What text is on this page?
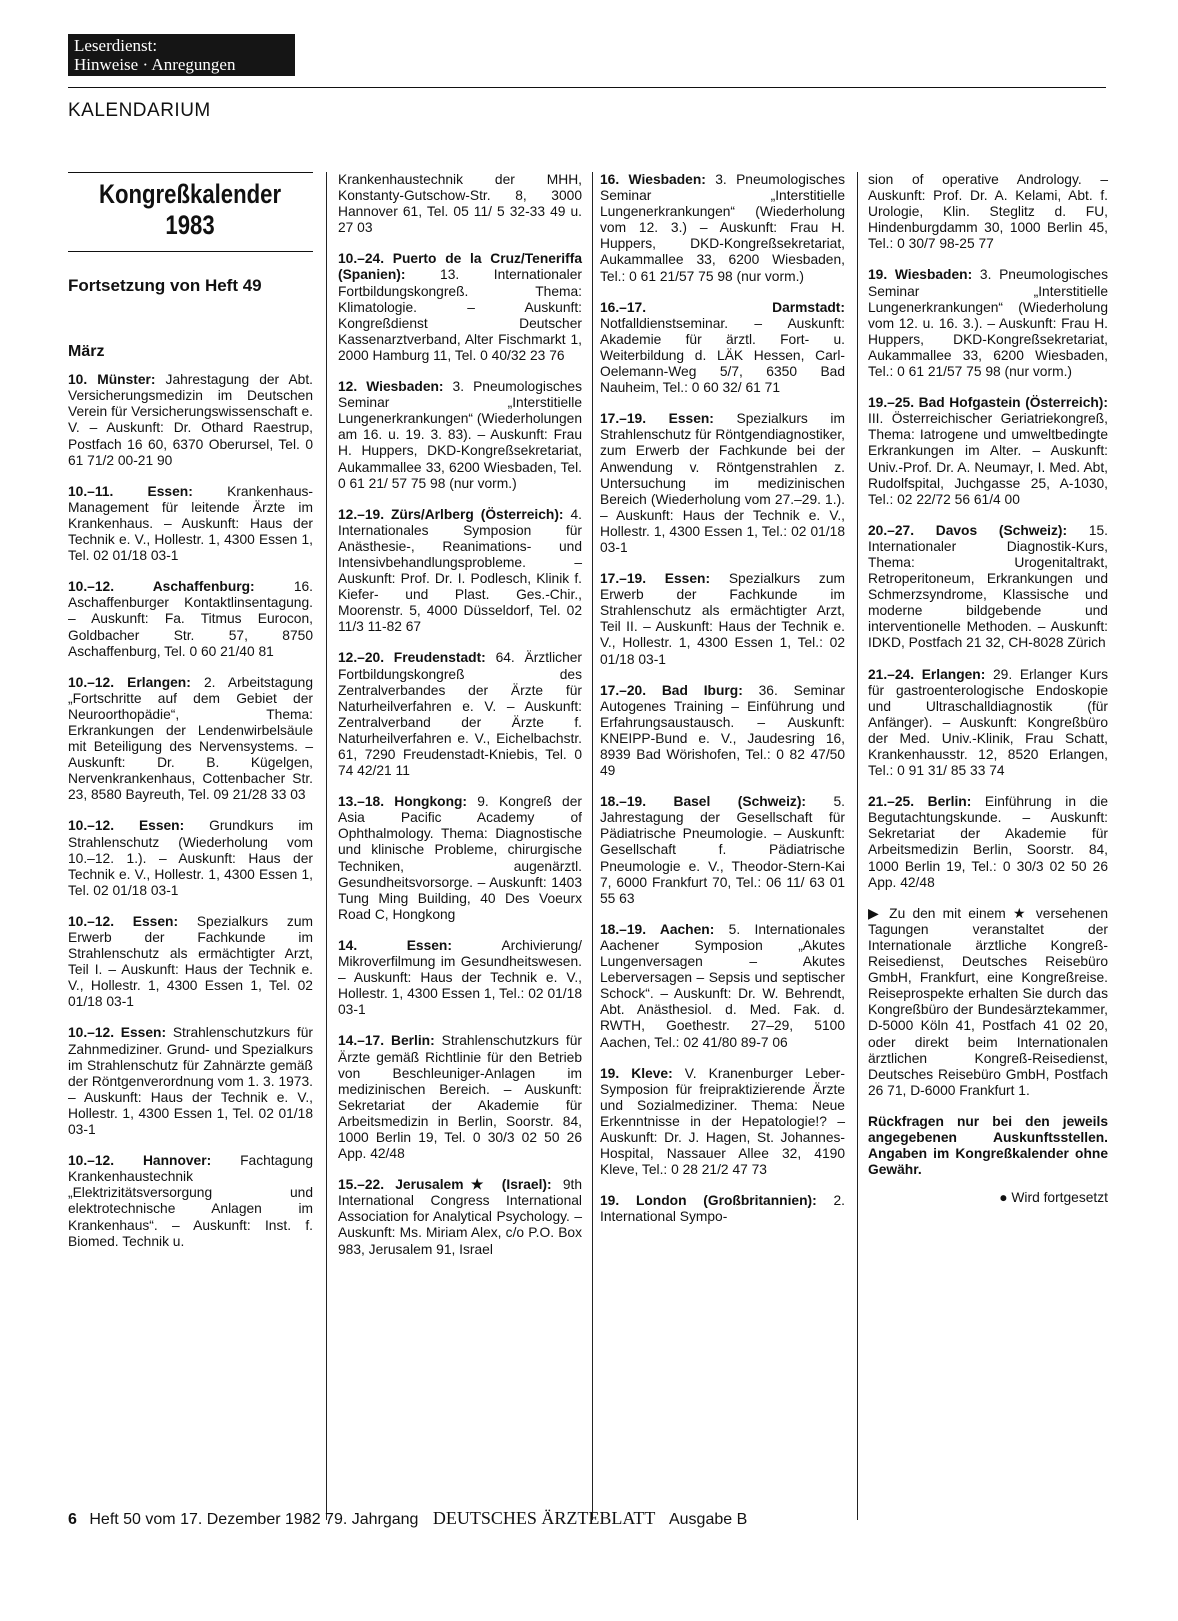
Leserdienst:
Hinweise · Anregungen
KALENDARIUM
Kongreßkalender
1983
Fortsetzung von Heft 49
März
10. Münster: Jahrestagung der Abt. Versicherungsmedizin im Deutschen Verein für Versicherungswissenschaft e. V. – Auskunft: Dr. Othard Raestrup, Postfach 16 60, 6370 Oberursel, Tel. 0 61 71/2 00-21 90
10.–11. Essen: Krankenhaus-Management für leitende Ärzte im Krankenhaus. – Auskunft: Haus der Technik e. V., Hollestr. 1, 4300 Essen 1, Tel. 02 01/18 03-1
10.–12. Aschaffenburg: 16. Aschaffenburger Kontaktlinsentagung. – Auskunft: Fa. Titmus Eurocon, Goldbacher Str. 57, 8750 Aschaffenburg, Tel. 0 60 21/40 81
10.–12. Erlangen: 2. Arbeitstagung „Fortschritte auf dem Gebiet der Neuroorthopädie“, Thema: Erkrankungen der Lendenwirbelsäule mit Beteiligung des Nervensystems. – Auskunft: Dr. B. Kügelgen, Nervenkrankenhaus, Cottenbacher Str. 23, 8580 Bayreuth, Tel. 09 21/28 33 03
10.–12. Essen: Grundkurs im Strahlenschutz (Wiederholung vom 10.–12. 1.). – Auskunft: Haus der Technik e. V., Hollestr. 1, 4300 Essen 1, Tel. 02 01/18 03-1
10.–12. Essen: Spezialkurs zum Erwerb der Fachkunde im Strahlenschutz als ermächtigter Arzt, Teil I. – Auskunft: Haus der Technik e. V., Hollestr. 1, 4300 Essen 1, Tel. 02 01/18 03-1
10.–12. Essen: Strahlenschutzkurs für Zahnmediziner. Grund- und Spezialkurs im Strahlenschutz für Zahnärzte gemäß der Röntgenverordnung vom 1. 3. 1973. – Auskunft: Haus der Technik e. V., Hollestr. 1, 4300 Essen 1, Tel. 02 01/18 03-1
10.–12. Hannover: Fachtagung Krankenhaustechnik „Elektrizitätsversorgung und elektrotechnische Anlagen im Krankenhaus“. – Auskunft: Inst. f. Biomed. Technik u.
Krankenhaustechnik der MHH, Konstanty-Gutschow-Str. 8, 3000 Hannover 61, Tel. 05 11/ 5 32-33 49 u. 27 03
10.–24. Puerto de la Cruz/Teneriffa (Spanien): 13. Internationaler Fortbildungskongreß. Thema: Klimatologie. – Auskunft: Kongreßdienst Deutscher Kassenarztverband, Alter Fischmarkt 1, 2000 Hamburg 11, Tel. 0 40/32 23 76
12. Wiesbaden: 3. Pneumologisches Seminar „Interstitielle Lungenerkrankungen“ (Wiederholungen am 16. u. 19. 3. 83). – Auskunft: Frau H. Huppers, DKD-Kongreßsekretariat, Aukammallee 33, 6200 Wiesbaden, Tel. 0 61 21/ 57 75 98 (nur vorm.)
12.–19. Zürs/Arlberg (Österreich): 4. Internationales Symposion für Anästhesie-, Reanimations- und Intensivbehandlungsprobleme. – Auskunft: Prof. Dr. I. Podlesch, Klinik f. Kiefer- und Plast. Ges.-Chir., Moorenstr. 5, 4000 Düsseldorf, Tel. 02 11/3 11-82 67
12.–20. Freudenstadt: 64. Ärztlicher Fortbildungskongreß des Zentralverbandes der Ärzte für Naturheilverfahren e. V. – Auskunft: Zentralverband der Ärzte f. Naturheilverfahren e. V., Eichelbachstr. 61, 7290 Freudenstadt-Kniebis, Tel. 0 74 42/21 11
13.–18. Hongkong: 9. Kongreß der Asia Pacific Academy of Ophthalmology. Thema: Diagnostische und klinische Probleme, chirurgische Techniken, augenärztl. Gesundheitsvorsorge. – Auskunft: 1403 Tung Ming Building, 40 Des Voeurx Road C, Hongkong
14. Essen: Archivierung/ Mikroverfilmung im Gesundheitswesen. – Auskunft: Haus der Technik e. V., Hollestr. 1, 4300 Essen 1, Tel.: 02 01/18 03-1
14.–17. Berlin: Strahlenschutzkurs für Ärzte gemäß Richtlinie für den Betrieb von Beschleuniger-Anlagen im medizinischen Bereich. – Auskunft: Sekretariat der Akademie für Arbeitsmedizin in Berlin, Soorstr. 84, 1000 Berlin 19, Tel. 0 30/3 02 50 26 App. 42/48
15.–22. Jerusalem★ (Israel): 9th International Congress International Association for Analytical Psychology. – Auskunft: Ms. Miriam Alex, c/o P.O. Box 983, Jerusalem 91, Israel
16. Wiesbaden: 3. Pneumologisches Seminar „Interstitielle Lungenerkrankungen“ (Wiederholung vom 12. 3.) – Auskunft: Frau H. Huppers, DKD-Kongreßsekretariat, Aukammallee 33, 6200 Wiesbaden, Tel.: 0 61 21/57 75 98 (nur vorm.)
16.–17. Darmstadt: Notfalldienstseminar. – Auskunft: Akademie für ärztl. Fort- u. Weiterbildung d. LÄK Hessen, Carl-Oelemann-Weg 5/7, 6350 Bad Nauheim, Tel.: 0 60 32/ 61 71
17.–19. Essen: Spezialkurs im Strahlenschutz für Röntgendiagnostiker, zum Erwerb der Fachkunde bei der Anwendung v. Röntgenstrahlen z. Untersuchung im medizinischen Bereich (Wiederholung vom 27.–29. 1.). – Auskunft: Haus der Technik e. V., Hollestr. 1, 4300 Essen 1, Tel.: 02 01/18 03-1
17.–19. Essen: Spezialkurs zum Erwerb der Fachkunde im Strahlenschutz als ermächtigter Arzt, Teil II. – Auskunft: Haus der Technik e. V., Hollestr. 1, 4300 Essen 1, Tel.: 02 01/18 03-1
17.–20. Bad Iburg: 36. Seminar Autogenes Training – Einführung und Erfahrungsaustausch. – Auskunft: KNEIPP-Bund e. V., Jaudesring 16, 8939 Bad Wörishofen, Tel.: 0 82 47/50 49
18.–19. Basel (Schweiz): 5. Jahrestagung der Gesellschaft für Pädiatrische Pneumologie. – Auskunft: Gesellschaft f. Pädiatrische Pneumologie e. V., Theodor-Stern-Kai 7, 6000 Frankfurt 70, Tel.: 06 11/ 63 01 55 63
18.–19. Aachen: 5. Internationales Aachener Symposion „Akutes Lungenversagen – Akutes Leberversagen – Sepsis und septischer Schock“. – Auskunft: Dr. W. Behrendt, Abt. Anästhesiol. d. Med. Fak. d. RWTH, Goethestr. 27–29, 5100 Aachen, Tel.: 02 41/80 89-7 06
19. Kleve: V. Kranenburger Leber-Symposion für freipraktizierende Ärzte und Sozialmediziner. Thema: Neue Erkenntnisse in der Hepatologie!? – Auskunft: Dr. J. Hagen, St. Johannes-Hospital, Nassauer Allee 32, 4190 Kleve, Tel.: 0 28 21/2 47 73
19. London (Großbritannien): 2. International Sympo-
sion of operative Andrology. – Auskunft: Prof. Dr. A. Kelami, Abt. f. Urologie, Klin. Steglitz d. FU, Hindenburgdamm 30, 1000 Berlin 45, Tel.: 0 30/7 98-25 77
19. Wiesbaden: 3. Pneumologisches Seminar „Interstitielle Lungenerkrankungen“ (Wiederholung vom 12. u. 16. 3.). – Auskunft: Frau H. Huppers, DKD-Kongreßsekretariat, Aukammallee 33, 6200 Wiesbaden, Tel.: 0 61 21/57 75 98 (nur vorm.)
19.–25. Bad Hofgastein (Österreich): III. Österreichischer Geriatriekongreß, Thema: Iatrogene und umweltbedingte Erkrankungen im Alter. – Auskunft: Univ.-Prof. Dr. A. Neumayr, I. Med. Abt, Rudolfspital, Juchgasse 25, A-1030, Tel.: 02 22/72 56 61/4 00
20.–27. Davos (Schweiz): 15. Internationaler Diagnostik-Kurs, Thema: Urogenitaltrakt, Retroperitoneum, Erkrankungen und Schmerzsyndrome, Klassische und moderne bildgebende und interventionelle Methoden. – Auskunft: IDKD, Postfach 21 32, CH-8028 Zürich
21.–24. Erlangen: 29. Erlanger Kurs für gastroenterologische Endoskopie und Ultraschalldiagnostik (für Anfänger). – Auskunft: Kongreßbüro der Med. Univ.-Klinik, Frau Schatt, Krankenhausstr. 12, 8520 Erlangen, Tel.: 0 91 31/ 85 33 74
21.–25. Berlin: Einführung in die Begutachtungskunde. – Auskunft: Sekretariat der Akademie für Arbeitsmedizin Berlin, Soorstr. 84, 1000 Berlin 19, Tel.: 0 30/3 02 50 26 App. 42/48
▶ Zu den mit einem ★ versehenen Tagungen veranstaltet der Internationale ärztliche Kongreß-Reisedienst, Deutsches Reisebüro GmbH, Frankfurt, eine Kongreßreise. Reiseprospekte erhalten Sie durch das Kongreßbüro der Bundesärztekammer, D-5000 Köln 41, Postfach 41 02 20, oder direkt beim Internationalen ärztlichen Kongreß-Reisedienst, Deutsches Reisebüro GmbH, Postfach 26 71, D-6000 Frankfurt 1.
Rückfragen nur bei den jeweils angegebenen Auskunftsstellen. Angaben im Kongreßkalender ohne Gewähr.
● Wird fortgesetzt
6 Heft 50 vom 17. Dezember 1982 79. Jahrgang DEUTSCHES ÄRZTEBLATT Ausgabe B
